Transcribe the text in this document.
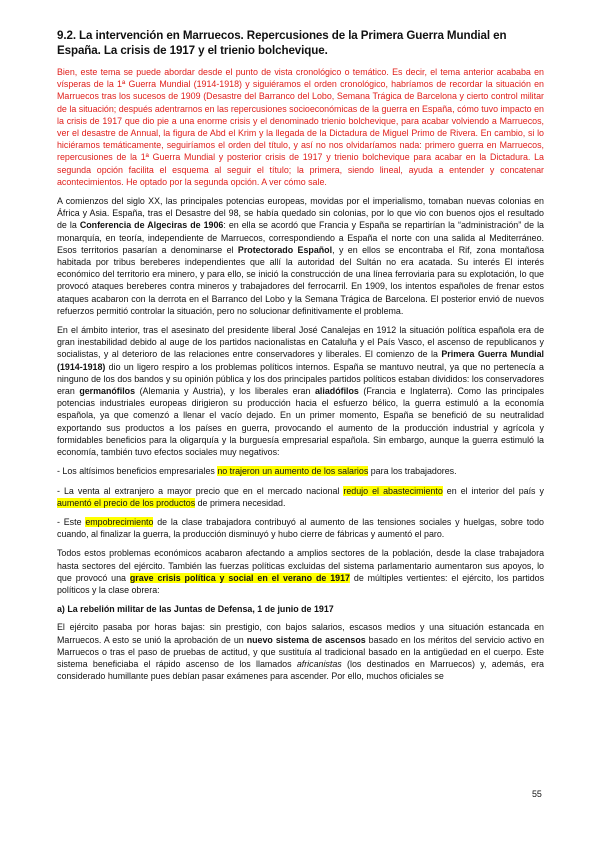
9.2. La intervención en Marruecos. Repercusiones de la Primera Guerra Mundial en España. La crisis de 1917 y el trienio bolchevique.

Bien, este tema se puede abordar desde el punto de vista cronológico o temático. Es decir, el tema anterior acababa en vísperas de la 1ª Guerra Mundial (1914-1918) y siguiéramos el orden cronológico, habríamos de recordar la situación en Marruecos tras los sucesos de 1909 (Desastre del Barranco del Lobo, Semana Trágica de Barcelona y cierto control militar de la situación; después adentrarnos en las repercusiones socioeconómicas de la guerra en España, cómo tuvo impacto en la crisis de 1917 que dio pie a una enorme crisis y el denominado trienio bolchevique, para acabar volviendo a Marruecos, ver el desastre de Annual, la figura de Abd el Krim y la llegada de la Dictadura de Miguel Primo de Rivera. En cambio, si lo hiciéramos temáticamente, seguiríamos el orden del título, y así no nos olvidaríamos nada: primero guerra en Marruecos, repercusiones de la 1ª Guerra Mundial y posterior crisis de 1917 y trienio bolchevique para acabar en la Dictadura. La segunda opción facilita el esquema al seguir el título; la primera, siendo lineal, ayuda a entender y concatenar acontecimientos. He optado por la segunda opción. A ver cómo sale.

A comienzos del siglo XX, las principales potencias europeas, movidas por el imperialismo, tomaban nuevas colonias en África y Asia. España, tras el Desastre del 98, se había quedado sin colonias, por lo que vio con buenos ojos el resultado de la Conferencia de Algeciras de 1906: en ella se acordó que Francia y España se repartirían la “administración” de la monarquía, en teoría, independiente de Marruecos, correspondiendo a España el norte con una salida al Mediterráneo. Esos territorios pasarían a denominarse el Protectorado Español, y en ellos se encontraba el Rif, zona montañosa habitada por tribus bereberes independientes que allí la autoridad del Sultán no era acatada. Su interés El interés económico del territorio era minero, y para ello, se inició la construcción de una línea ferroviaria para su explotación, lo que provocó ataques bereberes contra mineros y trabajadores del ferrocarril. En 1909, los intentos españoles de frenar estos ataques acabaron con la derrota en el Barranco del Lobo y la Semana Trágica de Barcelona. El posterior envió de nuevos refuerzos permitió controlar la situación, pero no solucionar definitivamente el problema.

En el ámbito interior, tras el asesinato del presidente liberal José Canalejas en 1912 la situación política española era de gran inestabilidad debido al auge de los partidos nacionalistas en Cataluña y el País Vasco, el ascenso de republicanos y socialistas, y al deterioro de las relaciones entre conservadores y liberales. El comienzo de la Primera Guerra Mundial (1914-1918) dio un ligero respiro a los problemas políticos internos. España se mantuvo neutral, ya que no pertenecía a ninguno de los dos bandos y su opinión pública y los dos principales partidos políticos estaban divididos: los conservadores eran germanófilos (Alemania y Austria), y los liberales eran aliadófilos (Francia e Inglaterra). Como las principales potencias industriales europeas dirigieron su producción hacia el esfuerzo bélico, la guerra estimuló a la economía española, ya que comenzó a llenar el vacío dejado. En un primer momento, España se benefició de su neutralidad exportando sus productos a los países en guerra, provocando el aumento de la producción industrial y agrícola y formidables beneficios para la oligarquía y la burguesía empresarial española. Sin embargo, aunque la guerra estimuló la economía, también tuvo efectos sociales muy negativos:

- Los altísimos beneficios empresariales no trajeron un aumento de los salarios para los trabajadores.

- La venta al extranjero a mayor precio que en el mercado nacional redujo el abastecimiento en el interior del país y aumentó el precio de los productos de primera necesidad.

- Este empobrecimiento de la clase trabajadora contribuyó al aumento de las tensiones sociales y huelgas, sobre todo cuando, al finalizar la guerra, la producción disminuyó y hubo cierre de fábricas y aumentó el paro.

Todos estos problemas económicos acabaron afectando a amplios sectores de la población, desde la clase trabajadora hasta sectores del ejército. También las fuerzas políticas excluidas del sistema parlamentario aumentaron sus apoyos, lo que provocó una grave crisis política y social en el verano de 1917 de múltiples vertientes: el ejército, los partidos políticos y la clase obrera:

a) La rebelión militar de las Juntas de Defensa, 1 de junio de 1917

El ejército pasaba por horas bajas: sin prestigio, con bajos salarios, escasos medios y una situación estancada en Marruecos. A esto se unió la aprobación de un nuevo sistema de ascensos basado en los méritos del servicio activo en Marruecos o tras el paso de pruebas de actitud, y que sustituía al tradicional basado en la antigüedad en el cuerpo. Este sistema beneficiaba el rápido ascenso de los llamados africanistas (los destinados en Marruecos) y, además, era considerado humillante pues debían pasar exámenes para ascender. Por ello, muchos oficiales se

55
